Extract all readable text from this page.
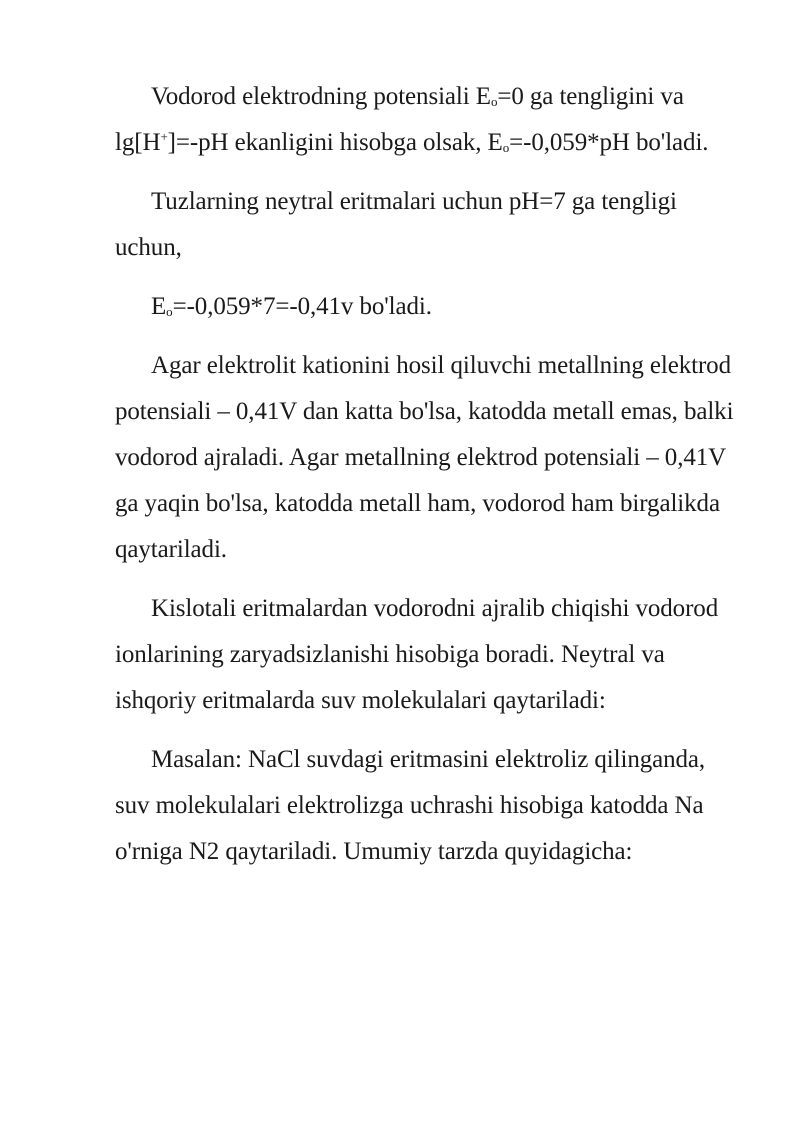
Vodorod elektrodning potensiali $E_o=0$ ga tengligini va lg[H+]=-pH ekanligini hisobga olsak, $E_o=-0,059*pH$ bo'ladi.

Tuzlarning neytral eritmalari uchun pH=7 ga tengligi uchun,

$E_o=-0,059*7=-0,41v$ bo'ladi.

Agar elektrolit kationini hosil qiluvchi metallning elektrod potensiali – 0,41V dan katta bo'lsa, katodda metall emas, balki vodorod ajraladi. Agar metallning elektrod potensiali – 0,41V ga yaqin bo'lsa, katodda metall ham, vodorod ham birgalikda qaytariladi.

Kislotali eritmalardan vodorodni ajralib chiqishi vodorod ionlarining zaryadsizlanishi hisobiga boradi. Neytral va ishqoriy eritmalarda suv molekulalari qaytariladi:

Masalan: NaCl suvdagi eritmasini elektroliz qilinganda, suv molekulalari elektrolizga uchrashi hisobiga katodda Na o'rniga N2 qaytariladi. Umumiy tarzda quyidagicha:
